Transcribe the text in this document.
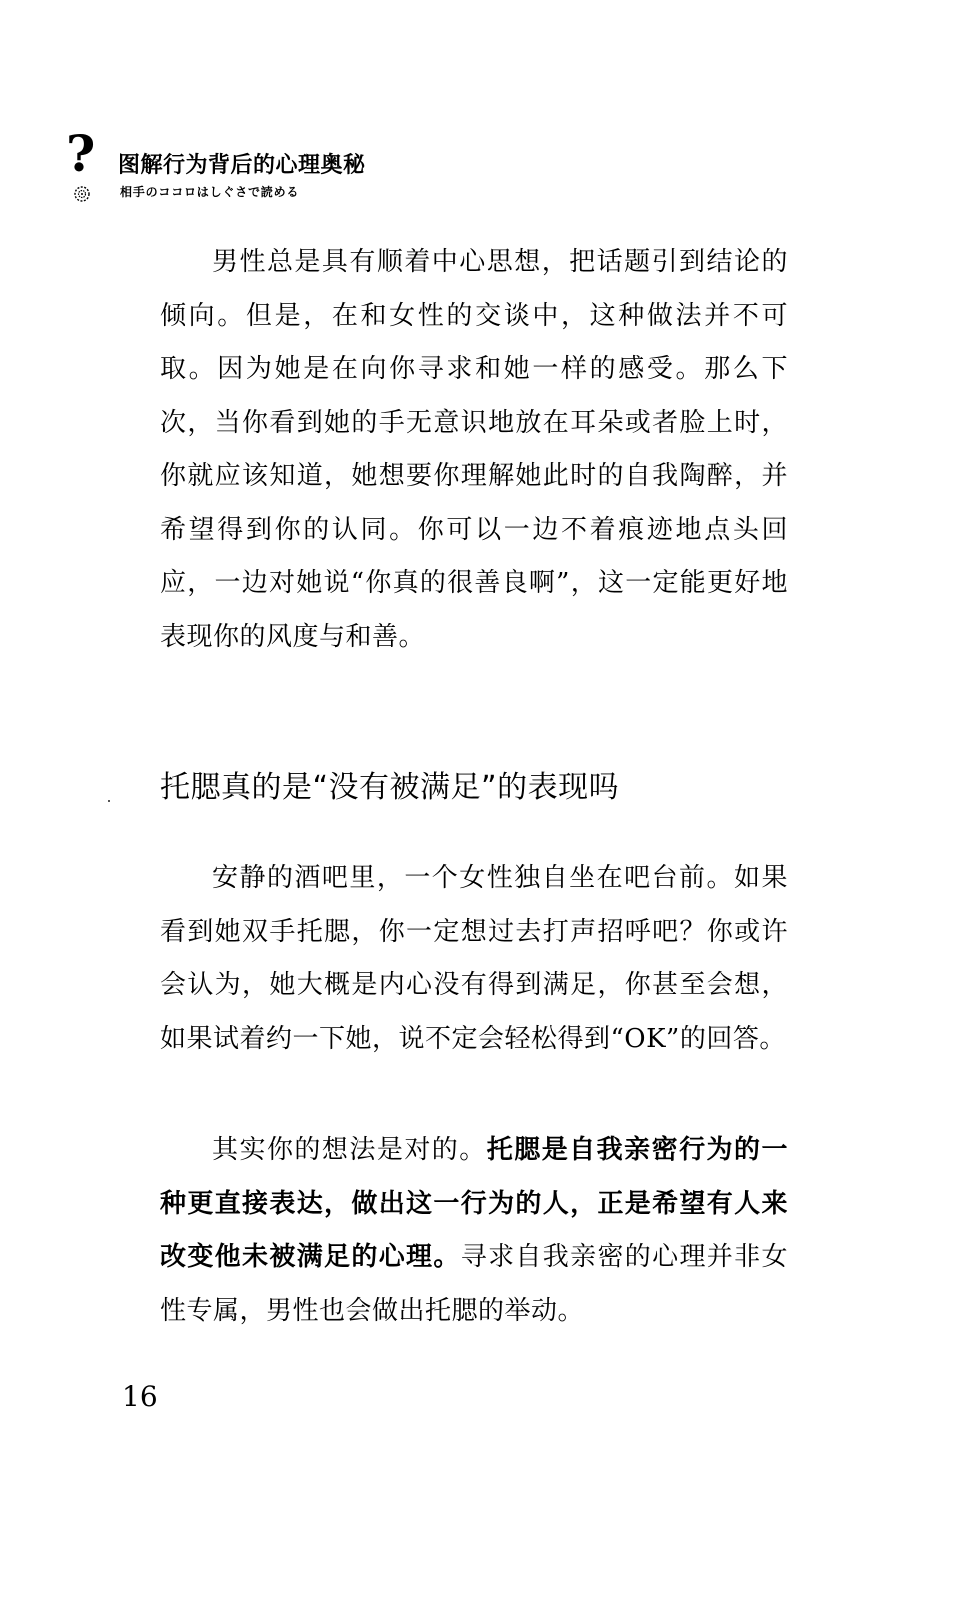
? 图解行为背后的心理奥秘
相手のココロはしぐさで読める

男性总是具有顺着中心思想，把话题引到结论的倾向。但是，在和女性的交谈中，这种做法并不可取。因为她是在向你寻求和她一样的感受。那么下次，当你看到她的手无意识地放在耳朵或者脸上时，你就应该知道，她想要你理解她此时的自我陶醉，并希望得到你的认同。你可以一边不着痕迹地点头回应，一边对她说“你真的很善良啊”，这一定能更好地表现你的风度与和善。

托腮真的是“没有被满足”的表现吗

安静的酒吧里，一个女性独自坐在吧台前。如果看到她双手托腮，你一定想过去打声招呼吧？你或许会认为，她大概是内心没有得到满足，你甚至会想，如果试着约一下她，说不定会轻松得到“OK”的回答。

其实你的想法是对的。托腮是自我亲密行为的一种更直接表达，做出这一行为的人，正是希望有人来改变他未被满足的心理。寻求自我亲密的心理并非女性专属，男性也会做出托腮的举动。

16
